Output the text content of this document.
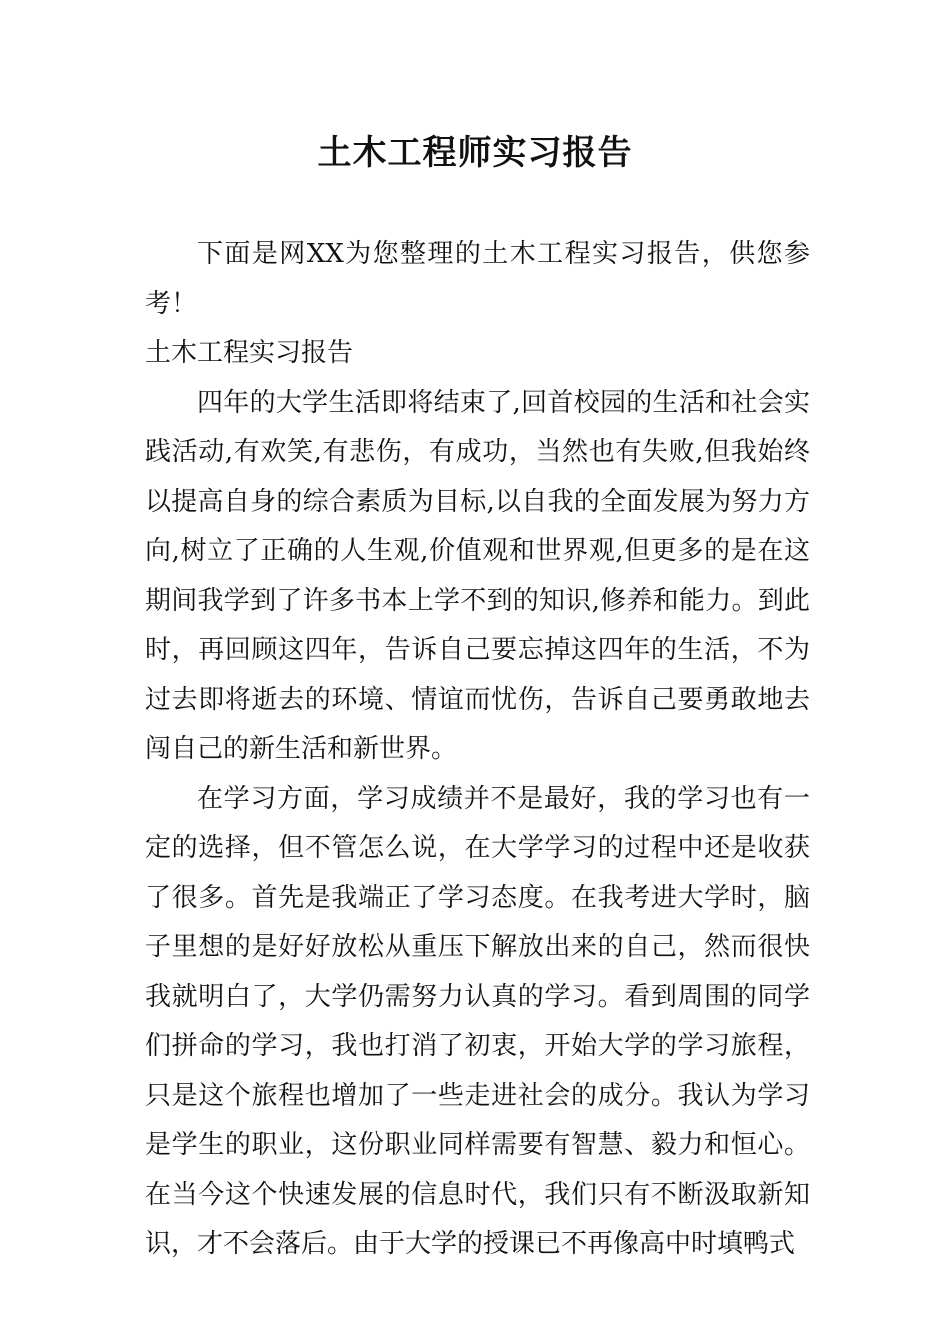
土木工程师实习报告

下面是网XX为您整理的土木工程实习报告，供您参考！

土木工程实习报告

四年的大学生活即将结束了,回首校园的生活和社会实践活动,有欢笑,有悲伤，有成功，当然也有失败,但我始终以提高自身的综合素质为目标,以自我的全面发展为努力方向,树立了正确的人生观,价值观和世界观,但更多的是在这期间我学到了许多书本上学不到的知识,修养和能力。到此时，再回顾这四年，告诉自己要忘掉这四年的生活，不为过去即将逝去的环境、情谊而忧伤，告诉自己要勇敢地去闯自己的新生活和新世界。

在学习方面，学习成绩并不是最好，我的学习也有一定的选择，但不管怎么说，在大学学习的过程中还是收获了很多。首先是我端正了学习态度。在我考进大学时，脑子里想的是好好放松从重压下解放出来的自己，然而很快我就明白了，大学仍需努力认真的学习。看到周围的同学们拼命的学习，我也打消了初衷，开始大学的学习旅程，只是这个旅程也增加了一些走进社会的成分。我认为学习是学生的职业，这份职业同样需要有智慧、毅力和恒心。在当今这个快速发展的信息时代，我们只有不断汲取新知识，才不会落后。由于大学的授课已不再像高中时填鸭式
